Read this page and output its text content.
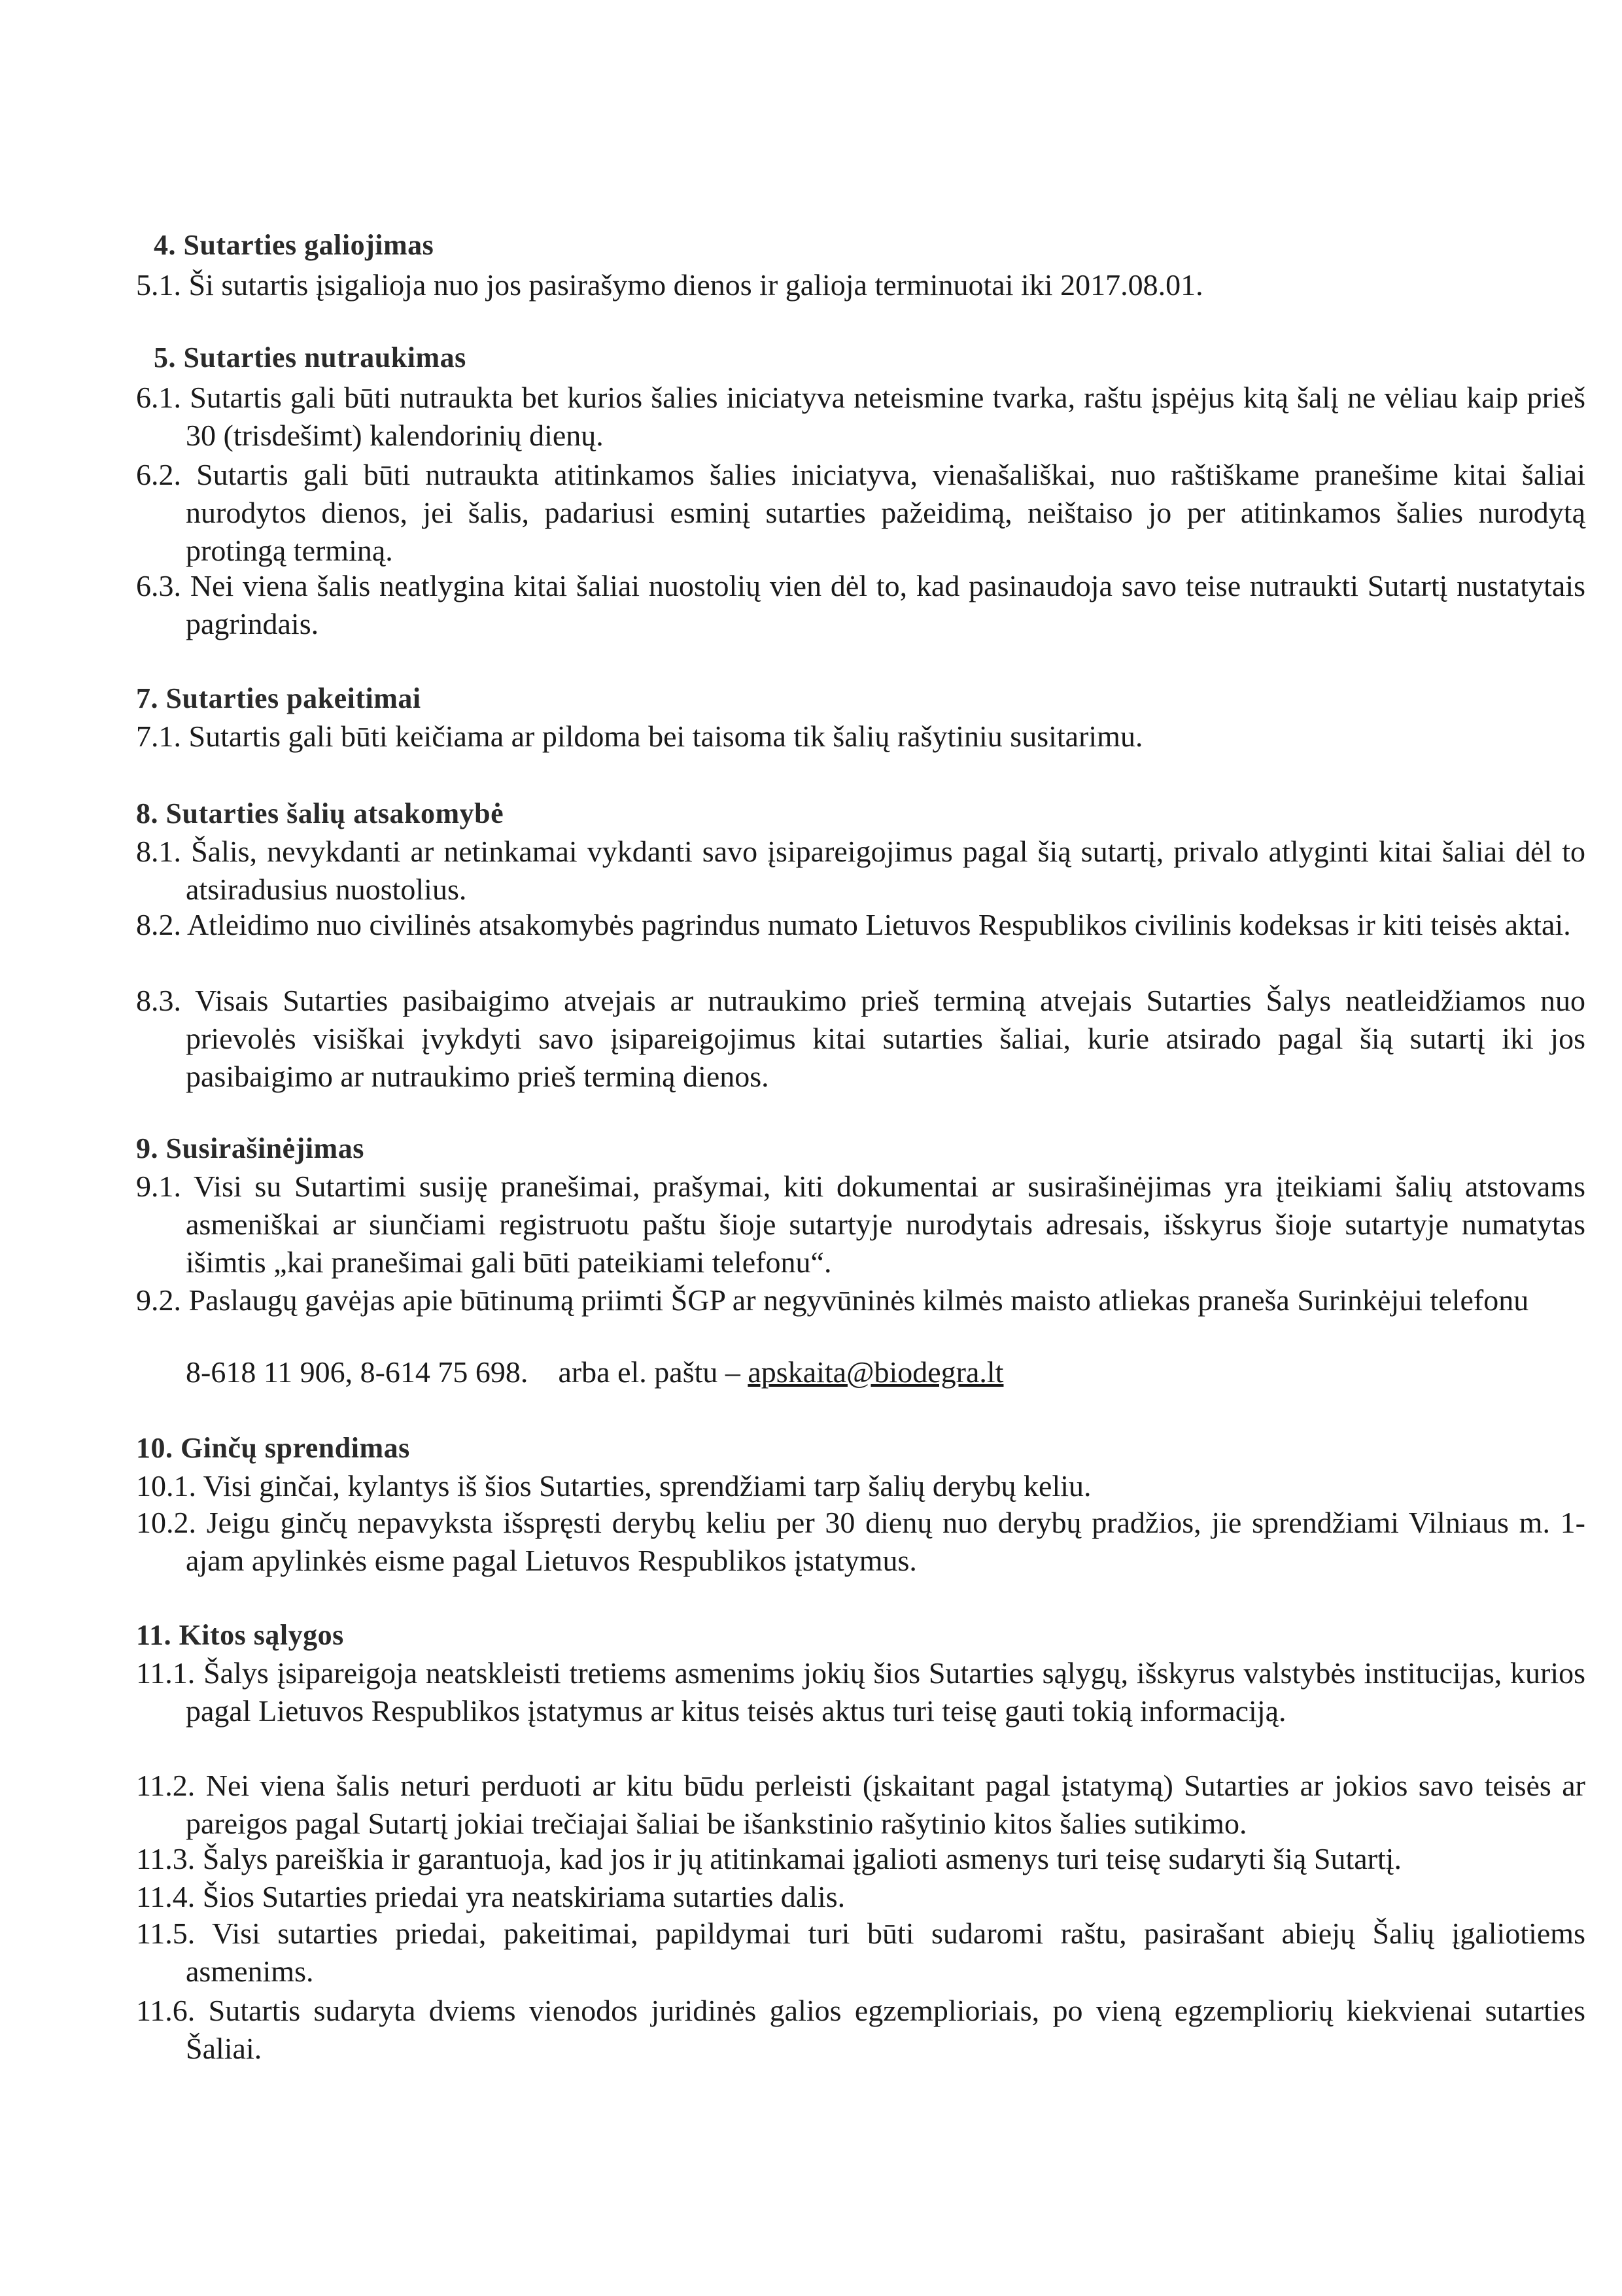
4. Sutarties galiojimas
5.1. Ši sutartis įsigalioja nuo jos pasirašymo dienos ir galioja terminuotai iki 2017.08.01.
5. Sutarties nutraukimas
6.1. Sutartis gali būti nutraukta bet kurios šalies iniciatyva neteismine tvarka, raštu įspėjus kitą šalį ne vėliau kaip prieš 30 (trisdešimt) kalendorinių dienų.
6.2. Sutartis gali būti nutraukta atitinkamos šalies iniciatyva, vienašališkai, nuo raštiškame pranešime kitai šaliai nurodytos dienos, jei šalis, padariusi esminį sutarties pažeidimą, neištaiso jo per atitinkamos šalies nurodytą protingą terminą.
6.3. Nei viena šalis neatlygina kitai šaliai nuostolių vien dėl to, kad pasinaudoja savo teise nutraukti Sutartį nustatytais pagrindais.
7. Sutarties pakeitimai
7.1. Sutartis gali būti keičiama ar pildoma bei taisoma tik šalių rašytiniu susitarimu.
8. Sutarties šalių atsakomybė
8.1. Šalis, nevykdanti ar netinkamai vykdanti savo įsipareigojimus pagal šią sutartį, privalo atlyginti kitai šaliai dėl to atsiradusius nuostolius.
8.2. Atleidimo nuo civilinės atsakomybės pagrindus numato Lietuvos Respublikos civilinis kodeksas ir kiti teisės aktai.
8.3. Visais Sutarties pasibaigimo atvejais ar nutraukimo prieš terminą atvejais Sutarties Šalys neatleidžiamos nuo prievolės visiškai įvykdyti savo įsipareigojimus kitai sutarties šaliai, kurie atsirado pagal šią sutartį iki jos pasibaigimo ar nutraukimo prieš terminą dienos.
9. Susirašinėjimas
9.1. Visi su Sutartimi susiję pranešimai, prašymai, kiti dokumentai ar susirašinėjimas yra įteikiami šalių atstovams asmeniškai ar siunčiami registruotu paštu šioje sutartyje nurodytais adresais, išskyrus šioje sutartyje numatytas išimtis „kai pranešimai gali būti pateikiami telefonu“.
9.2. Paslaugų gavėjas apie būtinumą priimti ŠGP ar negyvūninės kilmės maisto atliekas praneša Surinkėjui telefonu
8-618 11 906, 8-614 75 698. arba el. paštu – apskaita@biodegra.lt
10. Ginčų sprendimas
10.1. Visi ginčai, kylantys iš šios Sutarties, sprendžiami tarp šalių derybų keliu.
10.2. Jeigu ginčų nepavyksta išspręsti derybų keliu per 30 dienų nuo derybų pradžios, jie sprendžiami Vilniaus m. 1-ajam apylinkės eisme pagal Lietuvos Respublikos įstatymus.
11. Kitos sąlygos
11.1. Šalys įsipareigoja neatskleisti tretiems asmenims jokių šios Sutarties sąlygų, išskyrus valstybės institucijas, kurios pagal Lietuvos Respublikos įstatymus ar kitus teisės aktus turi teisę gauti tokią informaciją.
11.2. Nei viena šalis neturi perduoti ar kitu būdu perleisti (įskaitant pagal įstatymą) Sutarties ar jokios savo teisės ar pareigos pagal Sutartį jokiai trečiajai šaliai be išankstinio rašytinio kitos šalies sutikimo.
11.3. Šalys pareiškia ir garantuoja, kad jos ir jų atitinkamai įgalioti asmenys turi teisę sudaryti šią Sutartį.
11.4. Šios Sutarties priedai yra neatskiriama sutarties dalis.
11.5. Visi sutarties priedai, pakeitimai, papildymai turi būti sudaromi raštu, pasirašant abiejų Šalių įgaliotiems asmenims.
11.6. Sutartis sudaryta dviems vienodos juridinės galios egzemplioriais, po vieną egzempliorių kiekvienai sutarties Šaliai.
